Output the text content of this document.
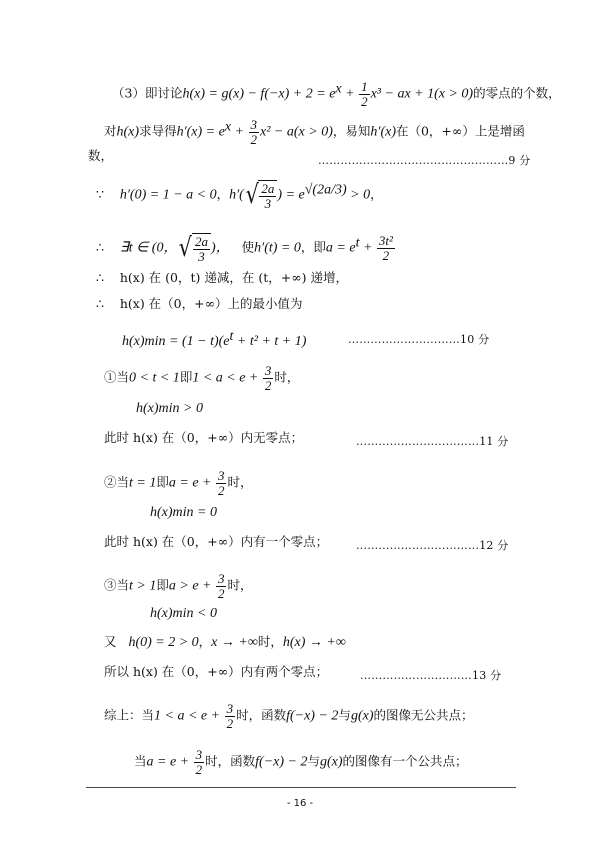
（3）即讨论$h(x) = g(x) - f(-x) + 2 = e^x + \frac{1}{2} x^3$ − ax + 1(x > 0)的零点的个数，
对h(x)求导得$h'(x) = e^x + \frac{3}{2} x^2 - a(x > 0)$，易知h′(x)在（0，+∞）上是增函
数，	……………………………………………9 分
∵ h′(0) = 1 − a < 0，$h'(√ \frac{2a}{3}$ ) = $e^{√(2a/3)} > 0$，
∴ ∃t ∈ (0，√ $\frac{2a}{3}$ )， 使h′(t) = 0，即$a = e^t + \frac{\text{3t²}}{2}$
∴ h(x) 在 (0，t) 递减，在 (t，+∞) 递增，
∴ h(x) 在（0，+∞）上的最小值为
$h(x)\min = (1 - t)(e^t + t^2 + t + 1)$	…………………………10 分
①当0 < t < 1即$1 < a < e + \frac{3}{2}$ 时，
h(x)min > 0
此时 h(x) 在（0，+∞）内无零点；	……………………………11 分
②当t = 1即$a = e + \frac{3}{2}$ 时，
h(x)min = 0
此时 h(x) 在（0，+∞）内有一个零点；	……………………………12 分
③当t > 1即$a > e + \frac{3}{2}$ 时，
h(x)min < 0
又 h(0) = 2 > 0，x → +∞时，h(x) → +∞
所以 h(x) 在（0，+∞）内有两个零点；	…………………………13 分
综上：当$1 < a < e + \frac{3}{2}$ 时，函数f(−x) − 2与g(x)的图像无公共点；
当$a = e + \frac{3}{2}$ 时，函数f(−x) − 2与g(x)的图像有一个公共点；
- 16 -
